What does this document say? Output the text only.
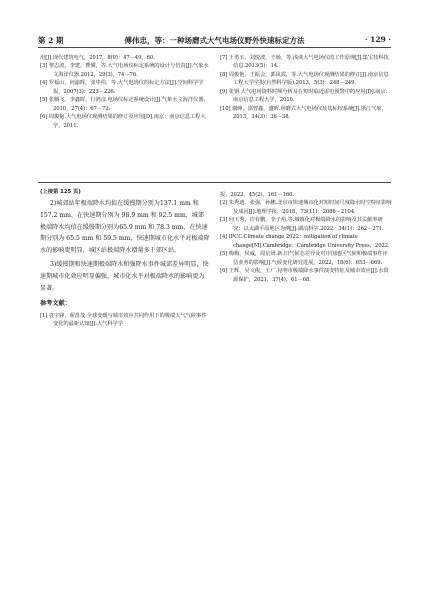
第 2 期	傅伟忠，等：一种场磨式大气电场仪野外快速标定方法	· 129 ·

用[J].现代建筑电气，2017，8(9)：47－49，60.

[3] 黎志波，李建，曹骥，等.大气电场仪标定系统的设计与仿真[J].气象水文海洋仪器.2012，29(3)，74－76.

[4] 罗福山，何渝晖，张华伟，等.大气电场仪的标定方法[J].空间科学学报，2007(3)：223－226.

[5] 张腾飞，李鑫晖，行鸿彦.电场仪标定系统设计[J].气象水文海洋仪器，2010，27(4)：67－72.

[6] 周俊艳.大气电场仪观测结果的修订及应用[D].南京：南京信息工程大学，2011.

[7] 王勇玉，刘悦波，王旸，等.浅谈大气电场仪的工作原理[J].集宝技科技信息.2013(5)：14.

[8] 周俊艳，王振会，郭凤霞，等.大气电场仪观测结果的修订[J].南京信息工程大学学报(自然科学版).2013，5(3)：248－249.

[9] 张钢.大气电场资料时频分析及在短时临近雷电预警中的应用[D].南京：南京信息工程大学，2010.

[10] 谢峥，邵曾鑫，盛晖.场磨式大气电场仪及其标校系统[J].浙江气象，2013，34(3)：36－38.

(上接第 125 页)

2)城郊站年极端降水均值在缓慢期分别为137.1 mm 和 157.2 mm，在快速期分别为 98.9 mm 和 92.5 mm，城郊极端降水均值在缓慢期分别为65.9 mm 和 78.3 mm，在快速期分别为 65.5 mm 和 59.5 mm，快速期城市化水平对极端降水的影响更明显，城区站极端降水增量多于郊区站。

3)缓慢期和快速期极端降水和强降水事件城郊差异明显，快速期城市化效应明显偏强，城市化水平对极端降水的影响更为显著。

参考文献：

[1] 袁宇锋，翟盘茂.全球变暖与城市效应共同作用下的极端天气气候事件变化的最新认知[J].大气科学学

报，2022，45(2)，161－166.

[2] 朱秀迪，张强，孙鹏.北京市快速城市化对短时间尺度降水时空特征影响及成因[J].地理学报，2018，73(11)：2086－2104.

[3] 何玉秀，许有鹏，李子裕.等.城镇化对极端降水的影响及其贡献率研究：以太湖平原地区为例[J].湖泊科学.2022，34(1)：262－271.

[4] IPCC.Climate change 2022：mitigation of climate change[M].Cambridge：Cambridge University Press，2022.

[5] 梅梅，侯威，周星妍.新.旧气候态差异及对中国地区气候和极端事件评估业务的影响[J].气候变化研究进展，2022，18(6)：653－669.

[6] 王辉，吴文俊，王广.昆明市极端降水事件演变特征及城市效应[J].水资源保护，2021，37(4)，61－68.
